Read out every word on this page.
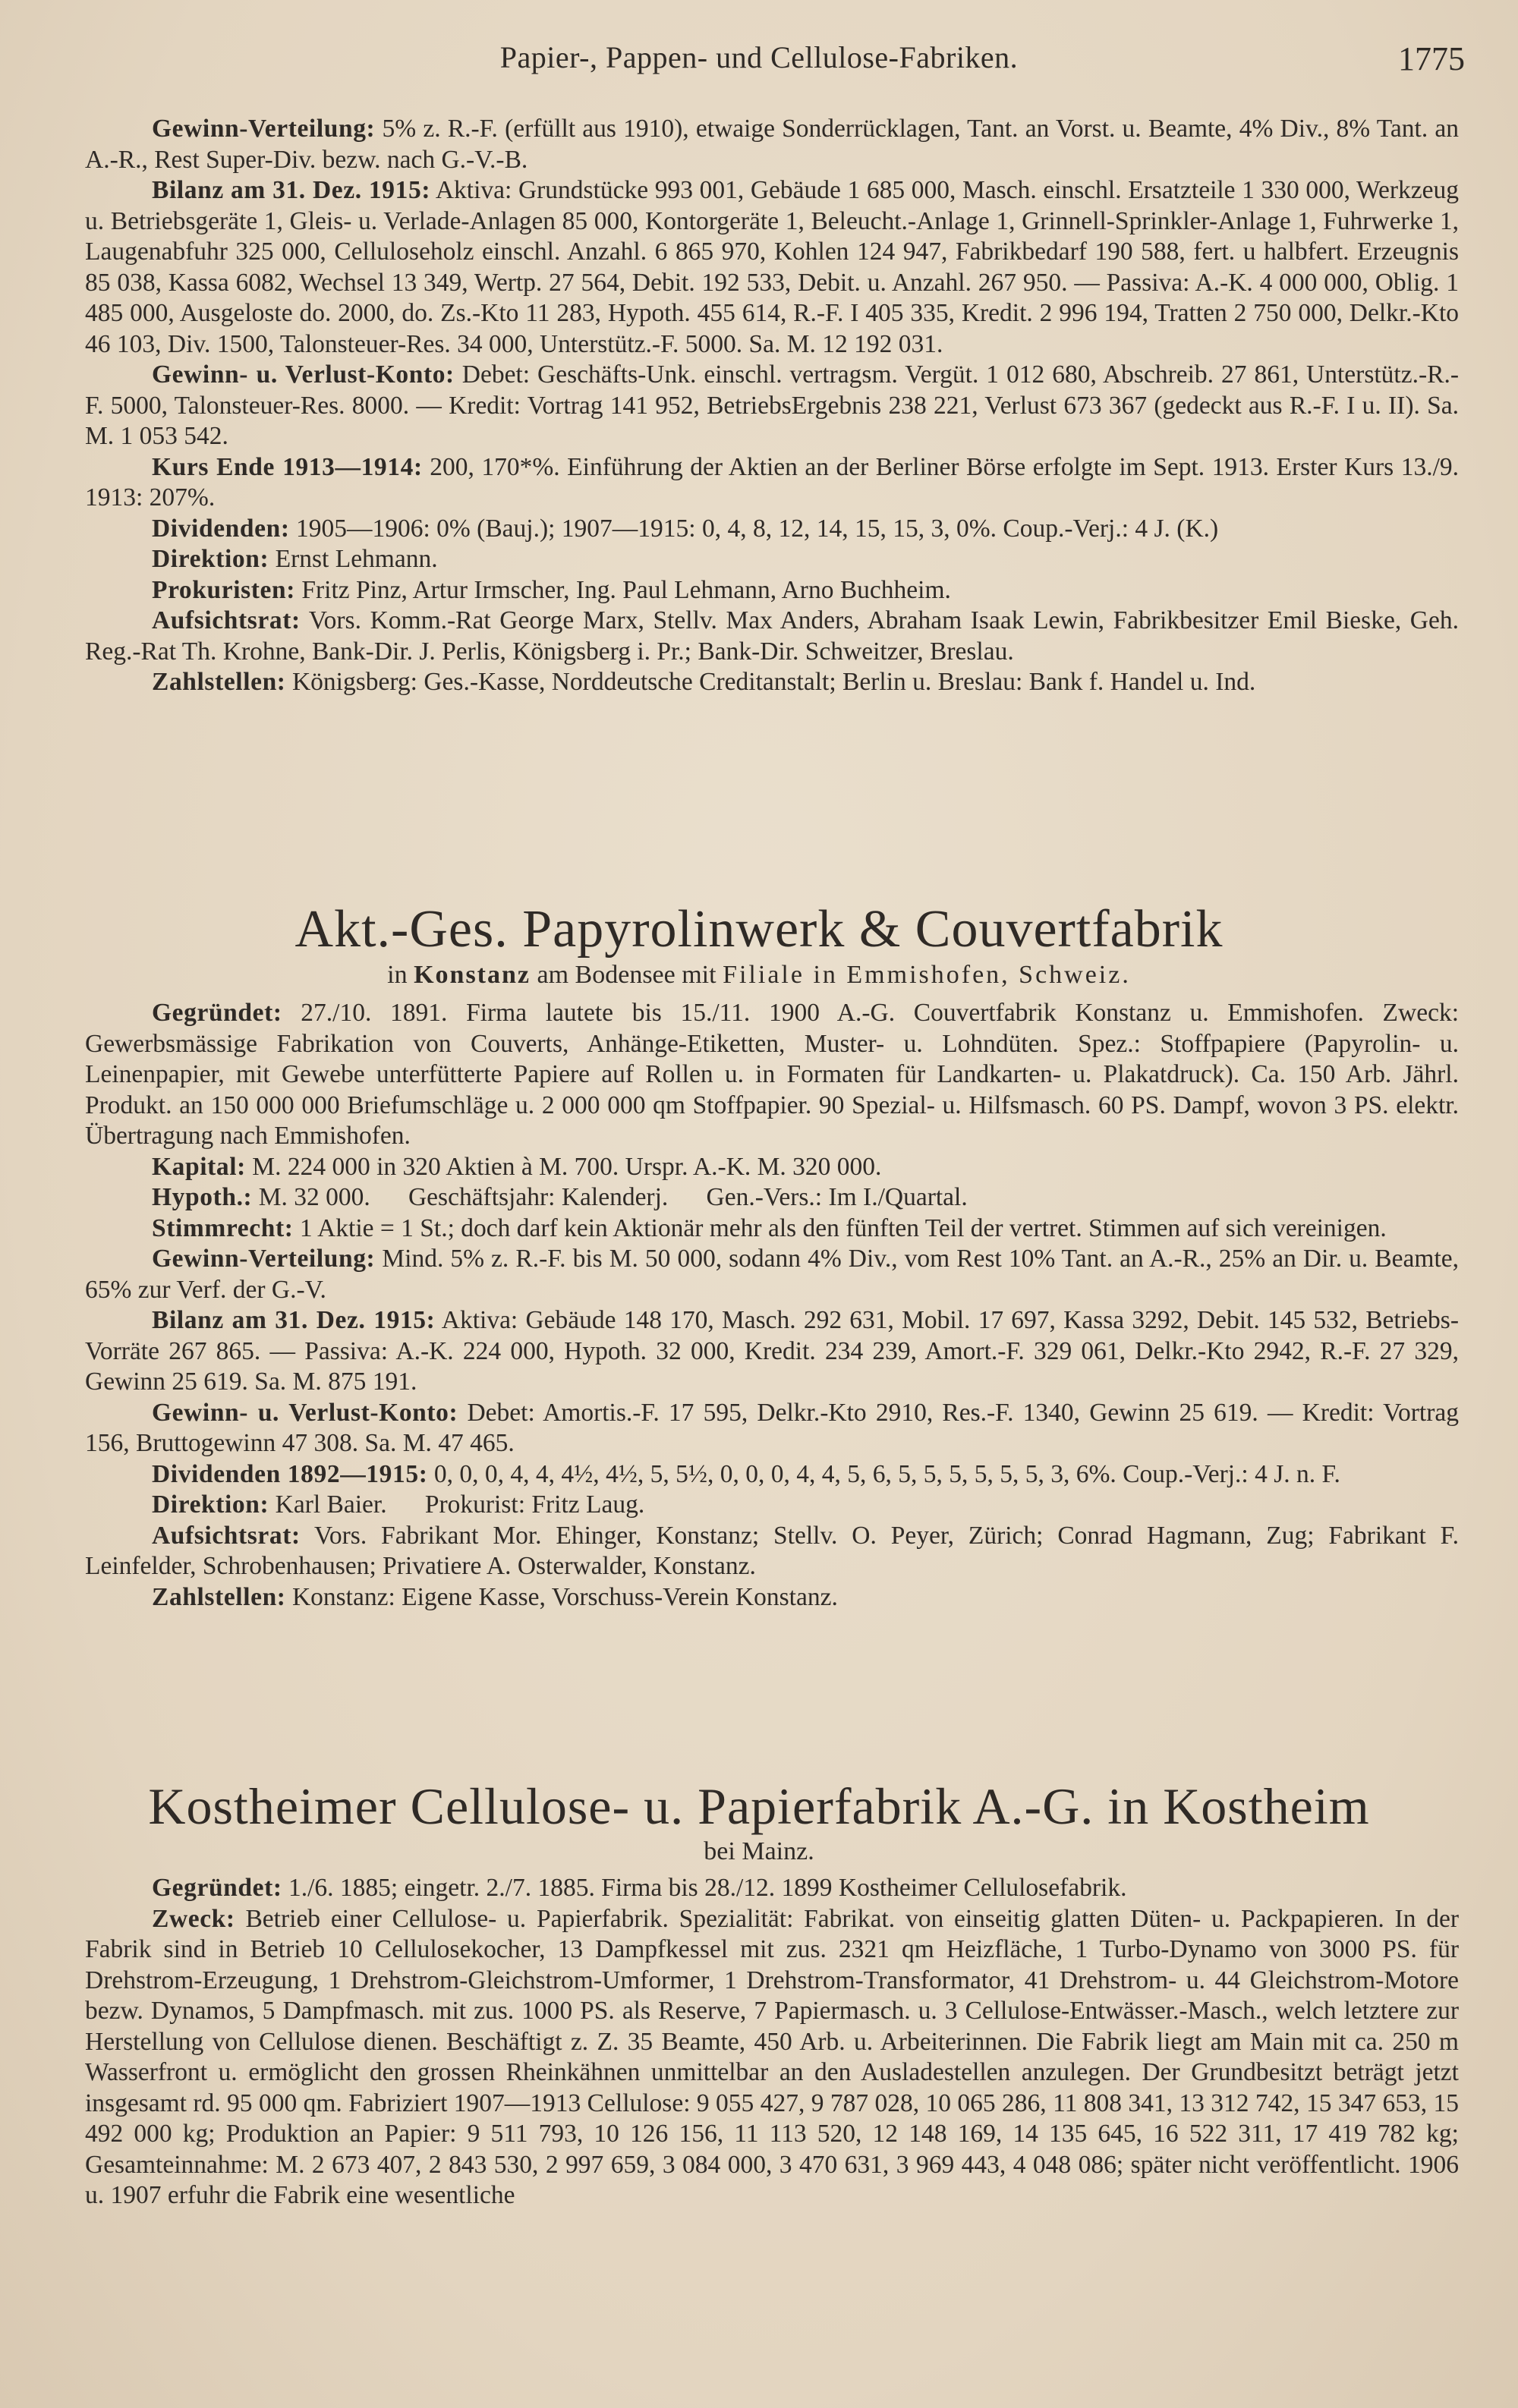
Papier-, Pappen- und Cellulose-Fabriken.	1775

Gewinn-Verteilung: 5% z. R.-F. (erfüllt aus 1910), etwaige Sonderrücklagen, Tant. an Vorst. u. Beamte, 4% Div., 8% Tant. an A.-R., Rest Super-Div. bezw. nach G.-V.-B.

Bilanz am 31. Dez. 1915: Aktiva: Grundstücke 993 001, Gebäude 1 685 000, Masch. einschl. Ersatzteile 1 330 000, Werkzeug u. Betriebsgeräte 1, Gleis- u. Verlade-Anlagen 85 000, Kontorgeräte 1, Beleucht.-Anlage 1, Grinnell-Sprinkler-Anlage 1, Fuhrwerke 1, Laugenabfuhr 325 000, Celluloseholz einschl. Anzahl. 6 865 970, Kohlen 124 947, Fabrikbedarf 190 588, fert. u halbfert. Erzeugnis 85 038, Kassa 6082, Wechsel 13 349, Wertp. 27 564, Debit. 192 533, Debit. u. Anzahl. 267 950. — Passiva: A.-K. 4 000 000, Oblig. 1 485 000, Ausgeloste do. 2000, do. Zs.-Kto 11 283, Hypoth. 455 614, R.-F. I 405 335, Kredit. 2 996 194, Tratten 2 750 000, Delkr.-Kto 46 103, Div. 1500, Talonsteuer-Res. 34 000, Unterstütz.-F. 5000. Sa. M. 12 192 031.

Gewinn- u. Verlust-Konto: Debet: Geschäfts-Unk. einschl. vertragsm. Vergüt. 1 012 680, Abschreib. 27 861, Unterstütz.-R.-F. 5000, Talonsteuer-Res. 8000. — Kredit: Vortrag 141 952, BetriebsErgebnis 238 221, Verlust 673 367 (gedeckt aus R.-F. I u. II). Sa. M. 1 053 542.

Kurs Ende 1913—1914: 200, 170*%. Einführung der Aktien an der Berliner Börse erfolgte im Sept. 1913. Erster Kurs 13./9. 1913: 207%.

Dividenden: 1905—1906: 0% (Bauj.); 1907—1915: 0, 4, 8, 12, 14, 15, 15, 3, 0%. Coup.-Verj.: 4 J. (K.)

Direktion: Ernst Lehmann.

Prokuristen: Fritz Pinz, Artur Irmscher, Ing. Paul Lehmann, Arno Buchheim.

Aufsichtsrat: Vors. Komm.-Rat George Marx, Stellv. Max Anders, Abraham Isaak Lewin, Fabrikbesitzer Emil Bieske, Geh. Reg.-Rat Th. Krohne, Bank-Dir. J. Perlis, Königsberg i. Pr.; Bank-Dir. Schweitzer, Breslau.

Zahlstellen: Königsberg: Ges.-Kasse, Norddeutsche Creditanstalt; Berlin u. Breslau: Bank f. Handel u. Ind.

Akt.-Ges. Papyrolinwerk & Couvertfabrik
in Konstanz am Bodensee mit Filiale in Emmishofen, Schweiz.

Gegründet: 27./10. 1891. Firma lautete bis 15./11. 1900 A.-G. Couvertfabrik Konstanz u. Emmishofen. Zweck: Gewerbsmässige Fabrikation von Couverts, Anhänge-Etiketten, Muster- u. Lohndüten. Spez.: Stoffpapiere (Papyrolin- u. Leinenpapier, mit Gewebe unterfütterte Papiere auf Rollen u. in Formaten für Landkarten- u. Plakatdruck). Ca. 150 Arb. Jährl. Produkt. an 150 000 000 Briefumschläge u. 2 000 000 qm Stoffpapier. 90 Spezial- u. Hilfsmasch. 60 PS. Dampf, wovon 3 PS. elektr. Übertragung nach Emmishofen.

Kapital: M. 224 000 in 320 Aktien à M. 700. Urspr. A.-K. M. 320 000.

Hypoth.: M. 32 000.      Geschäftsjahr: Kalenderj.      Gen.-Vers.: Im I./Quartal.

Stimmrecht: 1 Aktie = 1 St.; doch darf kein Aktionär mehr als den fünften Teil der vertret. Stimmen auf sich vereinigen.

Gewinn-Verteilung: Mind. 5% z. R.-F. bis M. 50 000, sodann 4% Div., vom Rest 10% Tant. an A.-R., 25% an Dir. u. Beamte, 65% zur Verf. der G.-V.

Bilanz am 31. Dez. 1915: Aktiva: Gebäude 148 170, Masch. 292 631, Mobil. 17 697, Kassa 3292, Debit. 145 532, Betriebs-Vorräte 267 865. — Passiva: A.-K. 224 000, Hypoth. 32 000, Kredit. 234 239, Amort.-F. 329 061, Delkr.-Kto 2942, R.-F. 27 329, Gewinn 25 619. Sa. M. 875 191.

Gewinn- u. Verlust-Konto: Debet: Amortis.-F. 17 595, Delkr.-Kto 2910, Res.-F. 1340, Gewinn 25 619. — Kredit: Vortrag 156, Bruttogewinn 47 308. Sa. M. 47 465.

Dividenden 1892—1915: 0, 0, 0, 4, 4, 4½, 4½, 5, 5½, 0, 0, 0, 4, 4, 5, 6, 5, 5, 5, 5, 5, 5, 3, 6%. Coup.-Verj.: 4 J. n. F.

Direktion: Karl Baier.      Prokurist: Fritz Laug.

Aufsichtsrat: Vors. Fabrikant Mor. Ehinger, Konstanz; Stellv. O. Peyer, Zürich; Conrad Hagmann, Zug; Fabrikant F. Leinfelder, Schrobenhausen; Privatiere A. Osterwalder, Konstanz.

Zahlstellen: Konstanz: Eigene Kasse, Vorschuss-Verein Konstanz.

Kostheimer Cellulose- u. Papierfabrik A.-G. in Kostheim
bei Mainz.

Gegründet: 1./6. 1885; eingetr. 2./7. 1885. Firma bis 28./12. 1899 Kostheimer Cellulosefabrik.

Zweck: Betrieb einer Cellulose- u. Papierfabrik. Spezialität: Fabrikat. von einseitig glatten Düten- u. Packpapieren. In der Fabrik sind in Betrieb 10 Cellulosekocher, 13 Dampfkessel mit zus. 2321 qm Heizfläche, 1 Turbo-Dynamo von 3000 PS. für Drehstrom-Erzeugung, 1 Drehstrom-Gleichstrom-Umformer, 1 Drehstrom-Transformator, 41 Drehstrom- u. 44 Gleichstrom-Motore bezw. Dynamos, 5 Dampfmasch. mit zus. 1000 PS. als Reserve, 7 Papiermasch. u. 3 Cellulose-Entwässer.-Masch., welch letztere zur Herstellung von Cellulose dienen. Beschäftigt z. Z. 35 Beamte, 450 Arb. u. Arbeiterinnen. Die Fabrik liegt am Main mit ca. 250 m Wasserfront u. ermöglicht den grossen Rheinkähnen unmittelbar an den Ausladestellen anzulegen. Der Grundbesitzt beträgt jetzt insgesamt rd. 95 000 qm. Fabriziert 1907—1913 Cellulose: 9 055 427, 9 787 028, 10 065 286, 11 808 341, 13 312 742, 15 347 653, 15 492 000 kg; Produktion an Papier: 9 511 793, 10 126 156, 11 113 520, 12 148 169, 14 135 645, 16 522 311, 17 419 782 kg; Gesamteinnahme: M. 2 673 407, 2 843 530, 2 997 659, 3 084 000, 3 470 631, 3 969 443, 4 048 086; später nicht veröffentlicht. 1906 u. 1907 erfuhr die Fabrik eine wesentliche
